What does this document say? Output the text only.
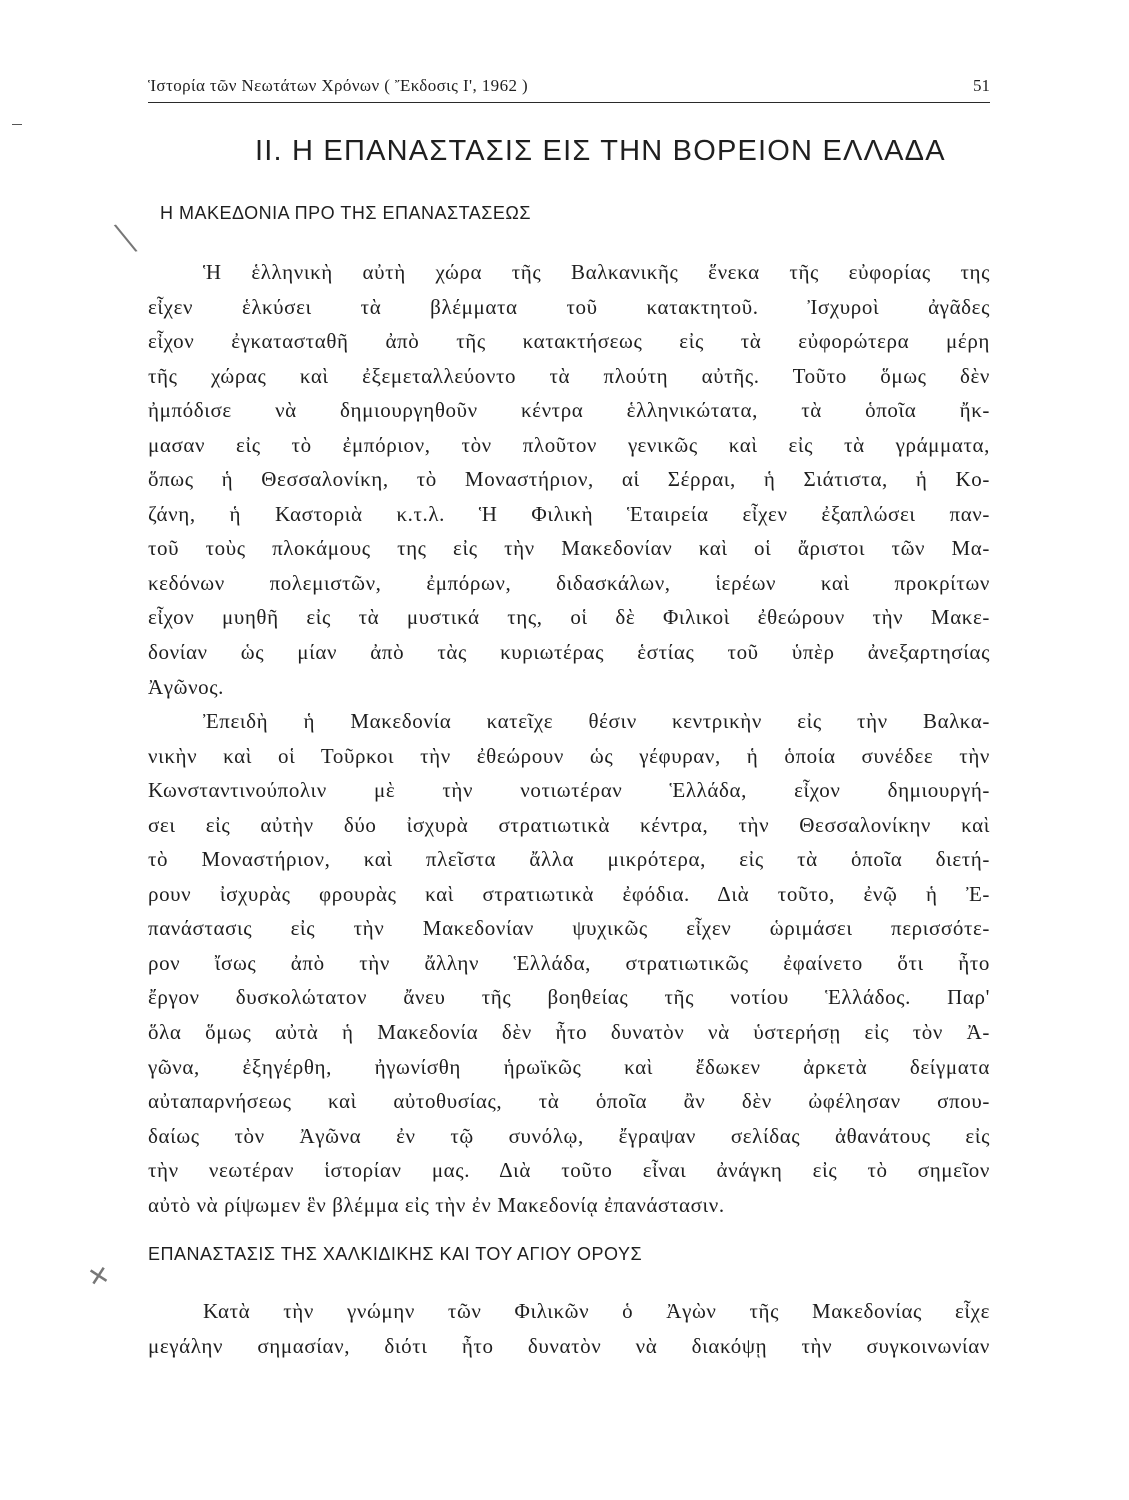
Ἱστορία τῶν Νεωτάτων Χρόνων ( Ἔκδοσις Ι', 1962 )	51
╲
✕
ΙΙ. Η ΕΠΑΝΑΣΤΑΣΙΣ ΕΙΣ ΤΗΝ ΒΟΡΕΙΟΝ ΕΛΛΑΔΑ
Η ΜΑΚΕΔΟΝΙΑ ΠΡΟ ΤΗΣ ΕΠΑΝΑΣΤΑΣΕΩΣ
Ἡ ἑλληνικὴ αὐτὴ χώρα τῆς Βαλκανικῆς ἕνεκα τῆς εὐφορίας της
εἶχεν ἑλκύσει τὰ βλέμματα τοῦ κατακτητοῦ. Ἰσχυροὶ ἀγᾶδες
εἶχον ἐγκατασταθῆ ἀπὸ τῆς κατακτήσεως εἰς τὰ εὐφορώτερα μέρη
τῆς χώρας καὶ ἐξεμεταλλεύοντο τὰ πλούτη αὐτῆς. Τοῦτο ὅμως δὲν
ἠμπόδισε νὰ δημιουργηθοῦν κέντρα ἑλληνικώτατα, τὰ ὁποῖα ἤκ-
μασαν εἰς τὸ ἐμπόριον, τὸν πλοῦτον γενικῶς καὶ εἰς τὰ γράμματα,
ὅπως ἡ Θεσσαλονίκη, τὸ Μοναστήριον, αἱ Σέρραι, ἡ Σιάτιστα, ἡ Κο-
ζάνη, ἡ Καστοριὰ κ.τ.λ. Ἡ Φιλικὴ Ἑταιρεία εἶχεν ἐξαπλώσει παν-
τοῦ τοὺς πλοκάμους της εἰς τὴν Μακεδονίαν καὶ οἱ ἄριστοι τῶν Μα-
κεδόνων πολεμιστῶν, ἐμπόρων, διδασκάλων, ἱερέων καὶ προκρίτων
εἶχον μυηθῆ εἰς τὰ μυστικά της, οἱ δὲ Φιλικοὶ ἐθεώρουν τὴν Μακε-
δονίαν ὡς μίαν ἀπὸ τὰς κυριωτέρας ἑστίας τοῦ ὑπὲρ ἀνεξαρτησίας
Ἀγῶνος.
Ἐπειδὴ ἡ Μακεδονία κατεῖχε θέσιν κεντρικὴν εἰς τὴν Βαλκα-
νικὴν καὶ οἱ Τοῦρκοι τὴν ἐθεώρουν ὡς γέφυραν, ἡ ὁποία συνέδεε τὴν
Κωνσταντινούπολιν μὲ τὴν νοτιωτέραν Ἑλλάδα, εἶχον δημιουργή-
σει εἰς αὐτὴν δύο ἰσχυρὰ στρατιωτικὰ κέντρα, τὴν Θεσσαλονίκην καὶ
τὸ Μοναστήριον, καὶ πλεῖστα ἄλλα μικρότερα, εἰς τὰ ὁποῖα διετή-
ρουν ἰσχυρὰς φρουρὰς καὶ στρατιωτικὰ ἐφόδια. Διὰ τοῦτο, ἐνῷ ἡ Ἐ-
πανάστασις εἰς τὴν Μακεδονίαν ψυχικῶς εἶχεν ὡριμάσει περισσότε-
ρον ἴσως ἀπὸ τὴν ἄλλην Ἑλλάδα, στρατιωτικῶς ἐφαίνετο ὅτι ἦτο
ἔργον δυσκολώτατον ἄνευ τῆς βοηθείας τῆς νοτίου Ἑλλάδος. Παρ'
ὅλα ὅμως αὐτὰ ἡ Μακεδονία δὲν ἦτο δυνατὸν νὰ ὑστερήσῃ εἰς τὸν Ἀ-
γῶνα, ἐξηγέρθη, ἠγωνίσθη ἡρωϊκῶς καὶ ἔδωκεν ἀρκετὰ δείγματα
αὐταπαρνήσεως καὶ αὐτοθυσίας, τὰ ὁποῖα ἂν δὲν ὠφέλησαν σπου-
δαίως τὸν Ἀγῶνα ἐν τῷ συνόλῳ, ἔγραψαν σελίδας ἀθανάτους εἰς
τὴν νεωτέραν ἱστορίαν μας. Διὰ τοῦτο εἶναι ἀνάγκη εἰς τὸ σημεῖον
αὐτὸ νὰ ρίψωμεν ἓν βλέμμα εἰς τὴν ἐν Μακεδονίᾳ ἐπανάστασιν.
ΕΠΑΝΑΣΤΑΣΙΣ ΤΗΣ ΧΑΛΚΙΔΙΚΗΣ ΚΑΙ ΤΟΥ ΑΓΙΟΥ ΟΡΟΥΣ
Κατὰ τὴν γνώμην τῶν Φιλικῶν ὁ Ἀγὼν τῆς Μακεδονίας εἶχε
μεγάλην σημασίαν, διότι ἦτο δυνατὸν νὰ διακόψῃ τὴν συγκοινωνίαν
